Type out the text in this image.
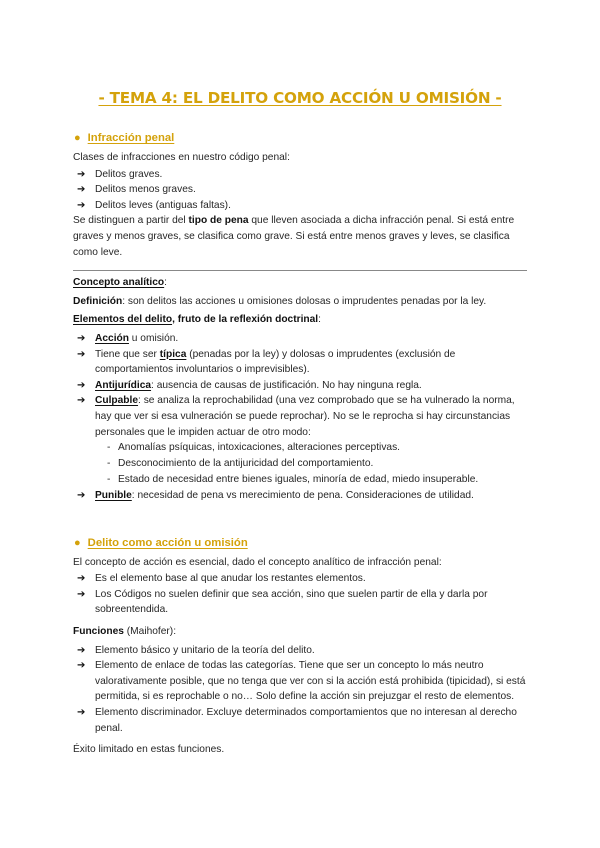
- TEMA 4: EL DELITO COMO ACCIÓN U OMISIÓN -
● Infracción penal

Clases de infracciones en nuestro código penal:

➔ Delitos graves.
➔ Delitos menos graves.
➔ Delitos leves (antiguas faltas).

Se distinguen a partir del tipo de pena que lleven asociada a dicha infracción penal. Si está entre graves y menos graves, se clasifica como grave. Si está entre menos graves y leves, se clasifica como leve.

Concepto analítico:

Definición: son delitos las acciones u omisiones dolosas o imprudentes penadas por la ley.

Elementos del delito, fruto de la reflexión doctrinal:

➔ Acción u omisión.
➔ Tiene que ser típica (penadas por la ley) y dolosas o imprudentes (exclusión de comportamientos involuntarios o imprevisibles).
➔ Antijurídica: ausencia de causas de justificación. No hay ninguna regla.
➔ Culpable: se analiza la reprochabilidad (una vez comprobado que se ha vulnerado la norma, hay que ver si esa vulneración se puede reprochar). No se le reprocha si hay circunstancias personales que le impiden actuar de otro modo:
- Anomalías psíquicas, intoxicaciones, alteraciones perceptivas.
- Desconocimiento de la antijuricidad del comportamiento.
- Estado de necesidad entre bienes iguales, minoría de edad, miedo insuperable.
➔ Punible: necesidad de pena vs merecimiento de pena. Consideraciones de utilidad.
● Delito como acción u omisión

El concepto de acción es esencial, dado el concepto analítico de infracción penal:

➔ Es el elemento base al que anudar los restantes elementos.
➔ Los Códigos no suelen definir que sea acción, sino que suelen partir de ella y darla por sobreentendida.

Funciones (Maihofer):

➔ Elemento básico y unitario de la teoría del delito.
➔ Elemento de enlace de todas las categorías. Tiene que ser un concepto lo más neutro valorativamente posible, que no tenga que ver con si la acción está prohibida (tipicidad), si está permitida, si es reprochable o no… Solo define la acción sin prejuzgar el resto de elementos.
➔ Elemento discriminador. Excluye determinados comportamientos que no interesan al derecho penal.

Éxito limitado en estas funciones.
